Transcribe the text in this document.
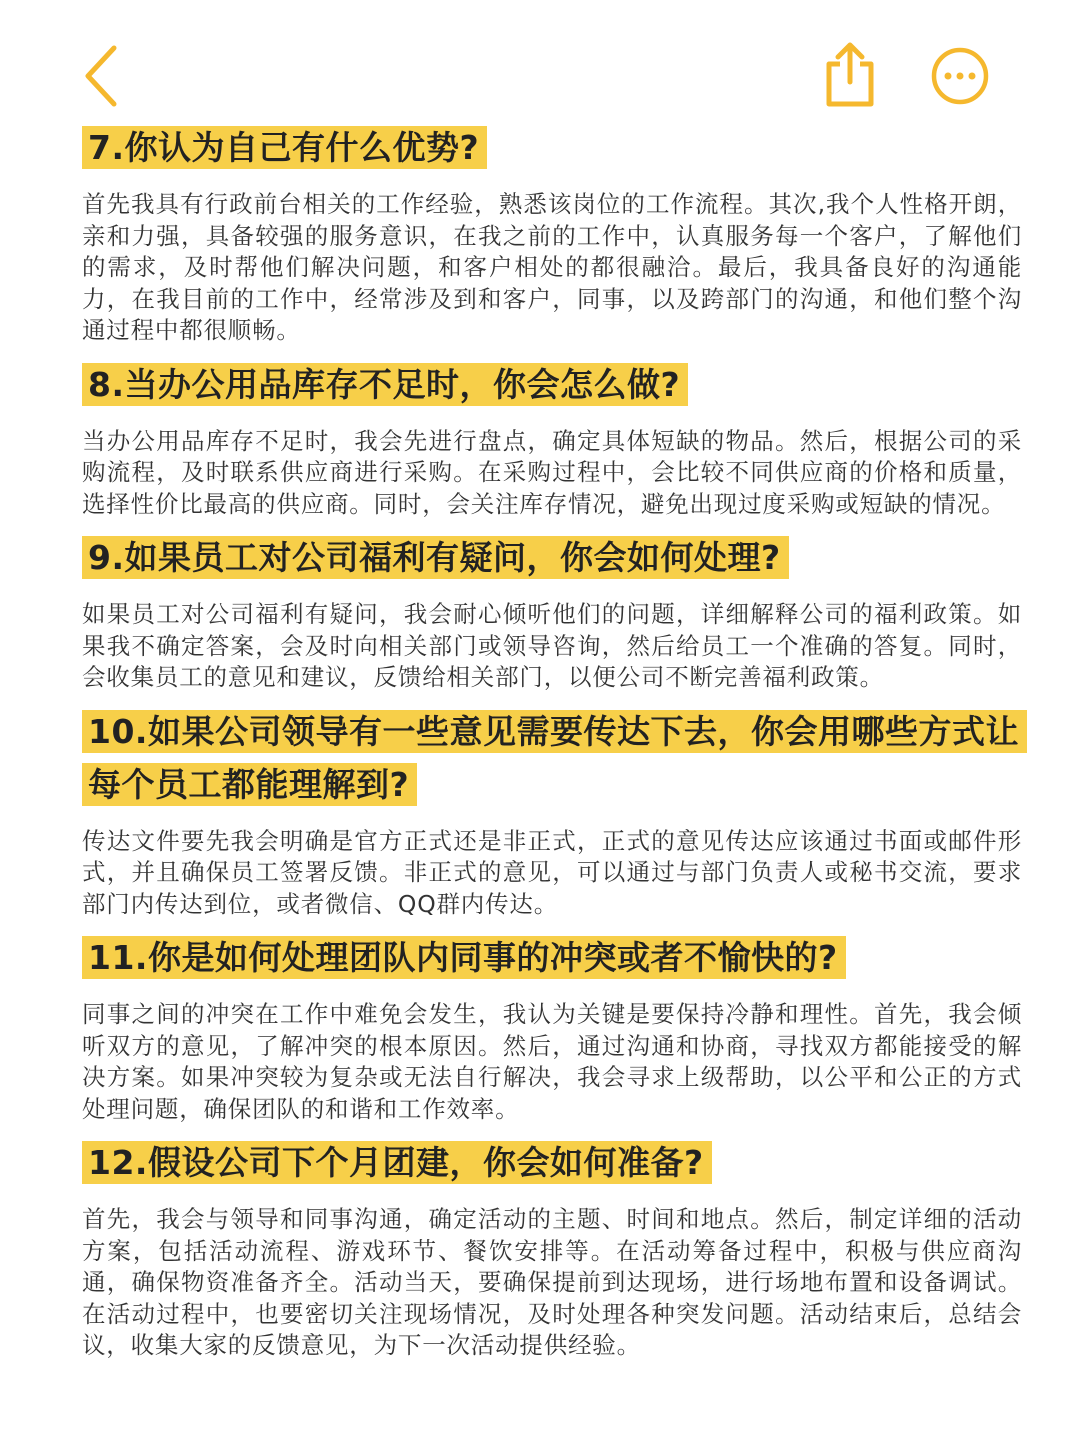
7.你认为自己有什么优势?

首先我具有行政前台相关的工作经验，熟悉该岗位的工作流程。其次,我个人性格开朗，亲和力强，具备较强的服务意识，在我之前的工作中，认真服务每一个客户，了解他们的需求，及时帮他们解决问题，和客户相处的都很融洽。最后，我具备良好的沟通能力，在我目前的工作中，经常涉及到和客户，同事，以及跨部门的沟通，和他们整个沟通过程中都很顺畅。

8.当办公用品库存不足时，你会怎么做?

当办公用品库存不足时，我会先进行盘点，确定具体短缺的物品。然后，根据公司的采购流程，及时联系供应商进行采购。在采购过程中，会比较不同供应商的价格和质量，选择性价比最高的供应商。同时，会关注库存情况，避免出现过度采购或短缺的情况。

9.如果员工对公司福利有疑问，你会如何处理?

如果员工对公司福利有疑问，我会耐心倾听他们的问题，详细解释公司的福利政策。如果我不确定答案，会及时向相关部门或领导咨询，然后给员工一个准确的答复。同时，会收集员工的意见和建议，反馈给相关部门，以便公司不断完善福利政策。

10.如果公司领导有一些意见需要传达下去，你会用哪些方式让每个员工都能理解到?

传达文件要先我会明确是官方正式还是非正式，正式的意见传达应该通过书面或邮件形式，并且确保员工签署反馈。非正式的意见，可以通过与部门负责人或秘书交流，要求部门内传达到位，或者微信、QQ群内传达。

11.你是如何处理团队内同事的冲突或者不愉快的?

同事之间的冲突在工作中难免会发生，我认为关键是要保持冷静和理性。首先，我会倾听双方的意见，了解冲突的根本原因。然后，通过沟通和协商，寻找双方都能接受的解决方案。如果冲突较为复杂或无法自行解决，我会寻求上级帮助，以公平和公正的方式处理问题，确保团队的和谐和工作效率。

12.假设公司下个月团建，你会如何准备?

首先，我会与领导和同事沟通，确定活动的主题、时间和地点。然后，制定详细的活动方案，包括活动流程、游戏环节、餐饮安排等。在活动筹备过程中，积极与供应商沟通，确保物资准备齐全。活动当天，要确保提前到达现场，进行场地布置和设备调试。在活动过程中，也要密切关注现场情况，及时处理各种突发问题。活动结束后，总结会议，收集大家的反馈意见，为下一次活动提供经验。
